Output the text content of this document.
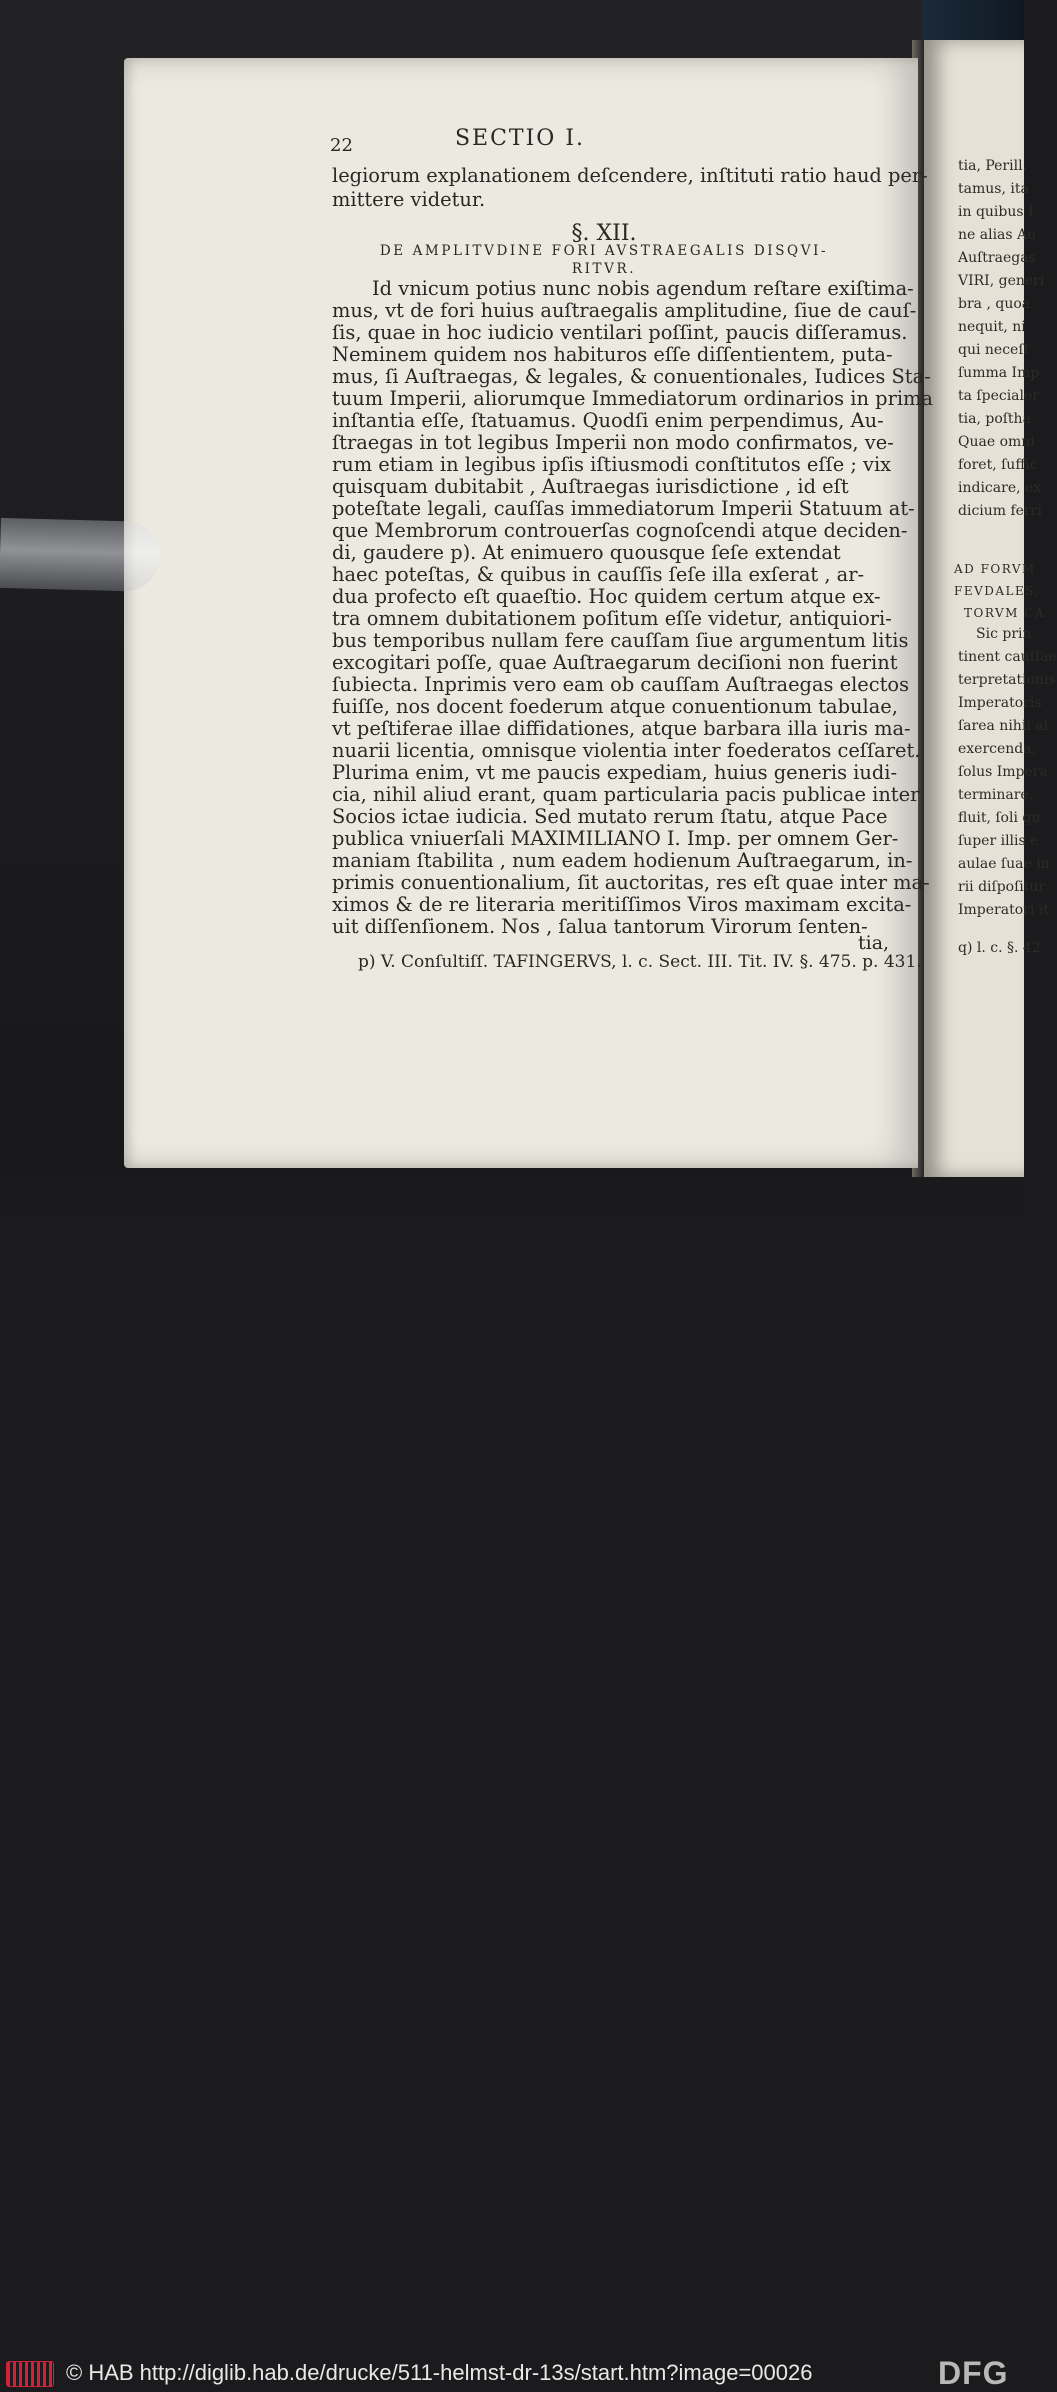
tia, Perill.
tamus, ita
in quibus I
ne alias Au
Auſtraegas
VIRI, generi
bra , quoa
nequit, ni
qui neceſſ
ſumma Imp
ta ſpecialer
tia, poſtha
Quae omni
foret, ſuffic
indicare, ex
dicium ferri
AD FORVM
FEVDALES,
TORVM CA
Sic prin
tinent cauſſae
terpretationis
Imperatoris
ſarea nihil al
exercenda,
ſolus Impera
terminare,
fluit, ſoli qu
ſuper illis e
aulae ſuae in
rii diſpoſitur
Imperatori it
q) l. c. §. 42
22	SECTIO I.
legiorum explanationem deſcendere, inſtituti ratio haud per-
mittere videtur.
§. XII.
DE AMPLITVDINE FORI AVSTRAEGALIS DISQVI-
RITVR.
Id vnicum potius nunc nobis agendum reſtare exiſtima-
mus, vt de fori huius auſtraegalis amplitudine, ſiue de cauſ-
ſis, quae in hoc iudicio ventilari poſſint, paucis diſſeramus.
Neminem quidem nos habituros eſſe diſſentientem, puta-
mus, ſi Auſtraegas, & legales, & conuentionales, Iudices Sta-
tuum Imperii, aliorumque Immediatorum ordinarios in prima
inſtantia eſſe, ſtatuamus. Quodſi enim perpendimus, Au-
ſtraegas in tot legibus Imperii non modo confirmatos, ve-
rum etiam in legibus ipſis iſtiusmodi conſtitutos eſſe ; vix
quisquam dubitabit , Auſtraegas iurisdictione , id eſt
poteſtate legali, cauſſas immediatorum Imperii Statuum at-
que Membrorum controuerſas cognoſcendi atque deciden-
di, gaudere p). At enimuero quousque ſeſe extendat
haec poteſtas, & quibus in cauſſis ſeſe illa exſerat , ar-
dua profecto eſt quaeſtio. Hoc quidem certum atque ex-
tra omnem dubitationem poſitum eſſe videtur, antiquiori-
bus temporibus nullam fere cauſſam ſiue argumentum litis
excogitari poſſe, quae Auſtraegarum deciſioni non fuerint
ſubiecta. Inprimis vero eam ob cauſſam Auſtraegas electos
fuiſſe, nos docent foederum atque conuentionum tabulae,
vt peſtiferae illae diffidationes, atque barbara illa iuris ma-
nuarii licentia, omnisque violentia inter foederatos ceſſaret.
Plurima enim, vt me paucis expediam, huius generis iudi-
cia, nihil aliud erant, quam particularia pacis publicae inter
Socios ictae iudicia. Sed mutato rerum ſtatu, atque Pace
publica vniuerſali MAXIMILIANO I. Imp. per omnem Ger-
maniam ſtabilita , num eadem hodienum Auſtraegarum, in-
primis conuentionalium, ſit auctoritas, res eſt quae inter ma-
ximos & de re literaria meritiſſimos Viros maximam excita-
uit diſſenſionem. Nos , ſalua tantorum Virorum ſenten-
tia,
p) V. Conſultiſſ. TAFINGERVS, l. c. Sect. III. Tit. IV. §. 475. p. 431.
© HAB http://diglib.hab.de/drucke/511-helmst-dr-13s/start.htm?image=00026	DFG
